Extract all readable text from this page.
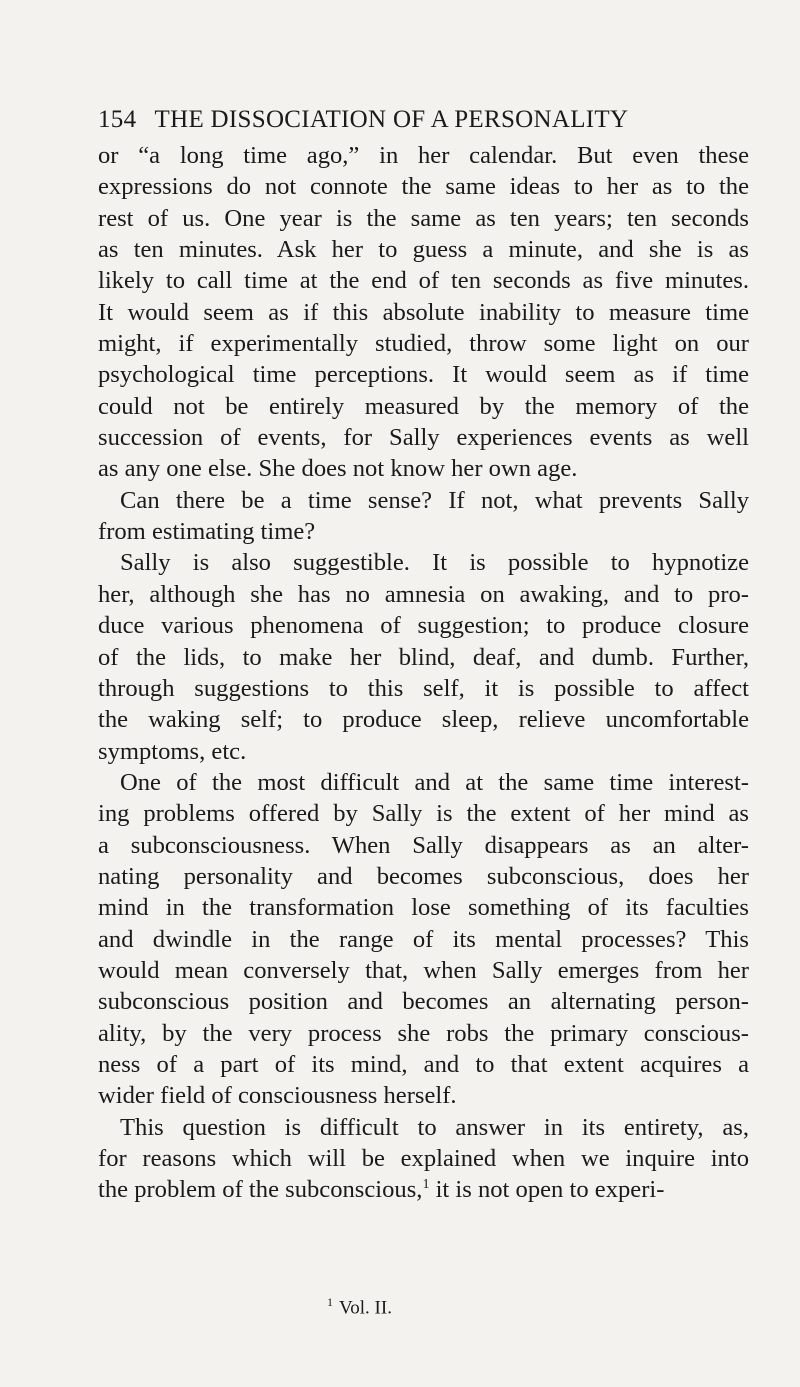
154 THE DISSOCIATION OF A PERSONALITY
or “a long time ago,” in her calendar. But even these
expressions do not connote the same ideas to her as to the
rest of us. One year is the same as ten years; ten seconds
as ten minutes. Ask her to guess a minute, and she is as
likely to call time at the end of ten seconds as five minutes.
It would seem as if this absolute inability to measure time
might, if experimentally studied, throw some light on our
psychological time perceptions. It would seem as if time
could not be entirely measured by the memory of the
succession of events, for Sally experiences events as well
as any one else. She does not know her own age.
Can there be a time sense? If not, what prevents Sally
from estimating time?
Sally is also suggestible. It is possible to hypnotize
her, although she has no amnesia on awaking, and to pro-
duce various phenomena of suggestion; to produce closure
of the lids, to make her blind, deaf, and dumb. Further,
through suggestions to this self, it is possible to affect
the waking self; to produce sleep, relieve uncomfortable
symptoms, etc.
One of the most difficult and at the same time interest-
ing problems offered by Sally is the extent of her mind as
a subconsciousness. When Sally disappears as an alter-
nating personality and becomes subconscious, does her
mind in the transformation lose something of its faculties
and dwindle in the range of its mental processes? This
would mean conversely that, when Sally emerges from her
subconscious position and becomes an alternating person-
ality, by the very process she robs the primary conscious-
ness of a part of its mind, and to that extent acquires a
wider field of consciousness herself.
This question is difficult to answer in its entirety, as,
for reasons which will be explained when we inquire into
the problem of the subconscious,$^1$ it is not open to experi-
$^1$ Vol. II.
